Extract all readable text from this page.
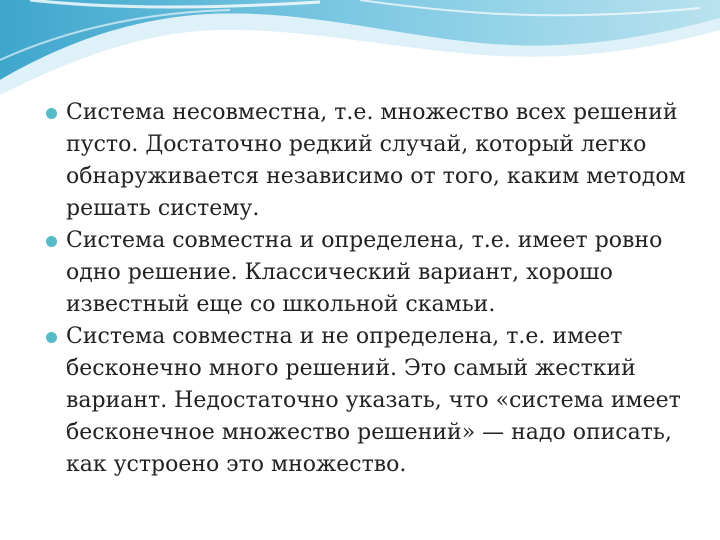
Система несовместна, т.е. множество всех решений пусто. Достаточно редкий случай, который легко обнаруживается независимо от того, каким методом решать систему.
Система совместна и определена, т.е. имеет ровно одно решение. Классический вариант, хорошо известный еще со школьной скамьи.
Система совместна и не определена, т.е. имеет бесконечно много решений. Это самый жесткий вариант. Недостаточно указать, что «система имеет бесконечное множество решений» — надо описать, как устроено это множество.
